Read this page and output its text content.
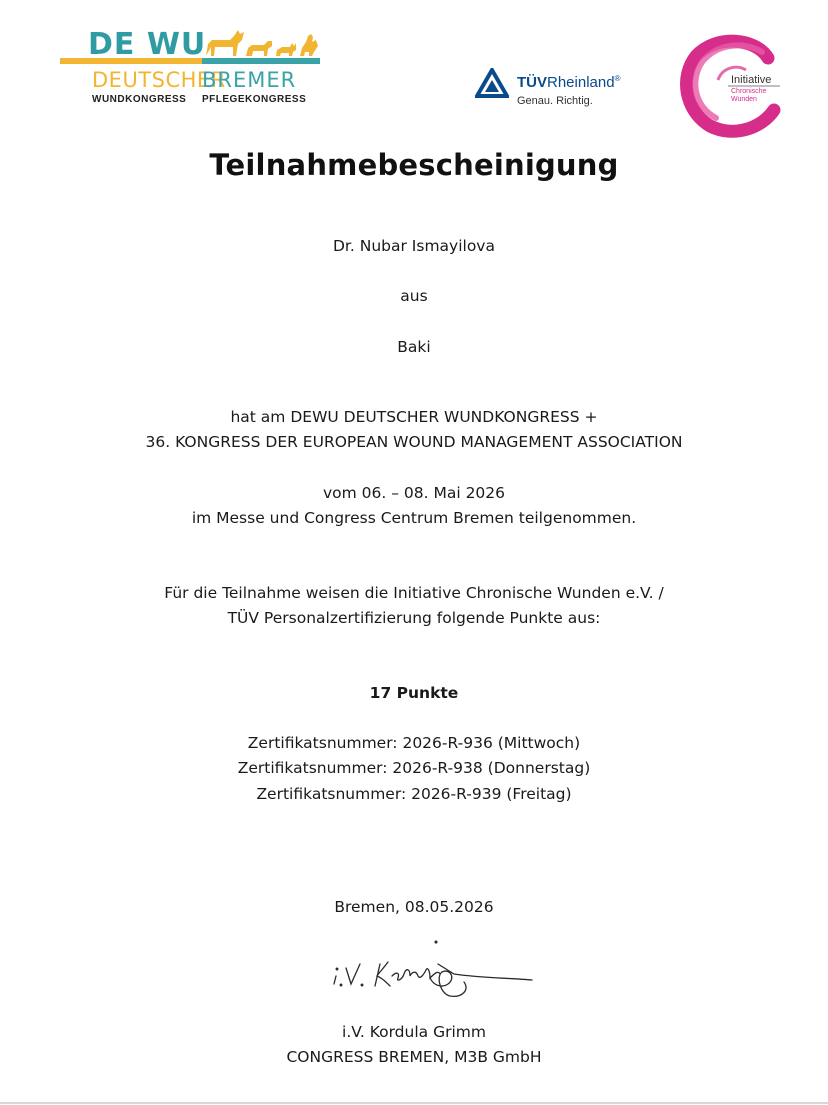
DE WU
DEUTSCHER
BREMER
WUNDKONGRESS PFLEGEKONGRESS
TÜVRheinland®
Genau. Richtig.
Initiative
Chronische
Wunden
Teilnahmebescheinigung
Dr. Nubar Ismayilova
aus
Baki
hat am DEWU DEUTSCHER WUNDKONGRESS +
36. KONGRESS DER EUROPEAN WOUND MANAGEMENT ASSOCIATION
vom 06. – 08. Mai 2026
im Messe und Congress Centrum Bremen teilgenommen.
Für die Teilnahme weisen die Initiative Chronische Wunden e.V. /
TÜV Personalzertifizierung folgende Punkte aus:
17 Punkte
Zertifikatsnummer: 2026-R-936 (Mittwoch)
Zertifikatsnummer: 2026-R-938 (Donnerstag)
Zertifikatsnummer: 2026-R-939 (Freitag)
Bremen, 08.05.2026
i.V. Kordula Grimm
CONGRESS BREMEN, M3B GmbH
